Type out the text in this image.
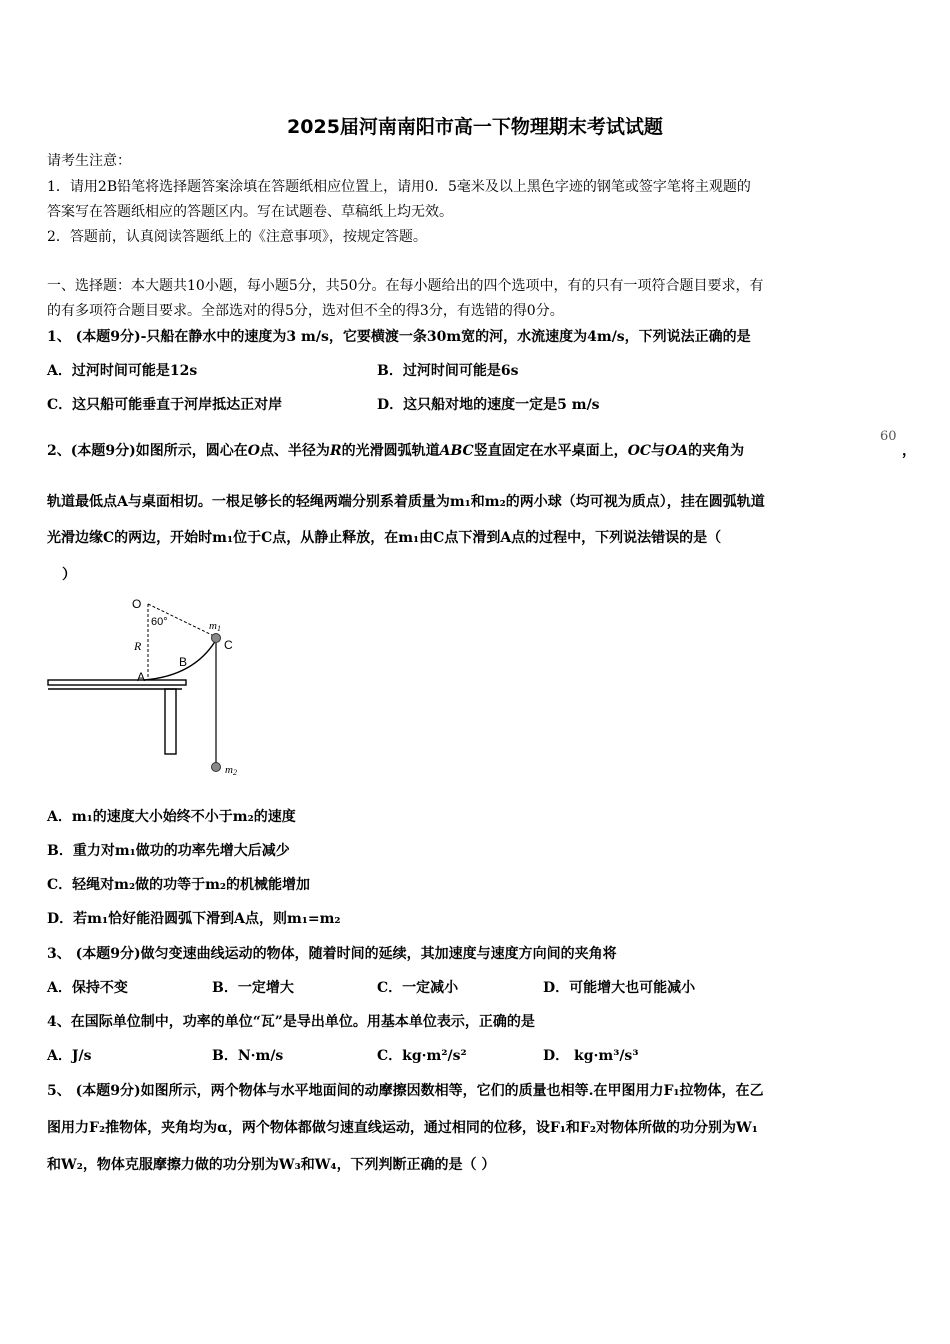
2025届河南南阳市高一下物理期末考试试题
请考生注意：
1．请用2B铅笔将选择题答案涂填在答题纸相应位置上，请用0．5毫米及以上黑色字迹的钢笔或签字笔将主观题的
答案写在答题纸相应的答题区内。写在试题卷、草稿纸上均无效。
2．答题前，认真阅读答题纸上的《注意事项》，按规定答题。
一、选择题：本大题共10小题，每小题5分，共50分。在每小题给出的四个选项中，有的只有一项符合题目要求，有
的有多项符合题目要求。全部选对的得5分，选对但不全的得3分，有选错的得0分。
1、 (本题9分)-只船在静水中的速度为3 m/s，它要横渡一条30m宽的河，水流速度为4m/s，下列说法正确的是
A．过河时间可能是12s	B．过河时间可能是6s
C．这只船可能垂直于河岸抵达正对岸	D．这只船对地的速度一定是5 m/s
2、(本题9分)如图所示，圆心在O点、半径为R的光滑圆弧轨道ABC竖直固定在水平桌面上，OC与OA的夹角为
60
，
轨道最低点A与桌面相切。一根足够长的轻绳两端分别系着质量为m₁和m₂的两小球（均可视为质点），挂在圆弧轨道
光滑边缘C的两边，开始时m₁位于C点，从静止释放，在m₁由C点下滑到A点的过程中，下列说法错误的是（
）
O
60°	m1
C
R
B
A
m2
A．m₁的速度大小始终不小于m₂的速度
B．重力对m₁做功的功率先增大后减少
C．轻绳对m₂做的功等于m₂的机械能增加
D．若m₁恰好能沿圆弧下滑到A点，则m₁=m₂
3、 (本题9分)做匀变速曲线运动的物体，随着时间的延续，其加速度与速度方向间的夹角将
A．保持不变	B．一定增大	C．一定减小	D．可能增大也可能减小
4、在国际单位制中，功率的单位“瓦”是导出单位。用基本单位表示，正确的是
A．J/s	B．N·m/s	C．kg·m²/s²	D． kg·m³/s³
5、 (本题9分)如图所示，两个物体与水平地面间的动摩擦因数相等，它们的质量也相等.在甲图用力F₁拉物体，在乙
图用力F₂推物体，夹角均为α，两个物体都做匀速直线运动，通过相同的位移，设F₁和F₂对物体所做的功分别为W₁
和W₂，物体克服摩擦力做的功分别为W₃和W₄，下列判断正确的是（ ）
